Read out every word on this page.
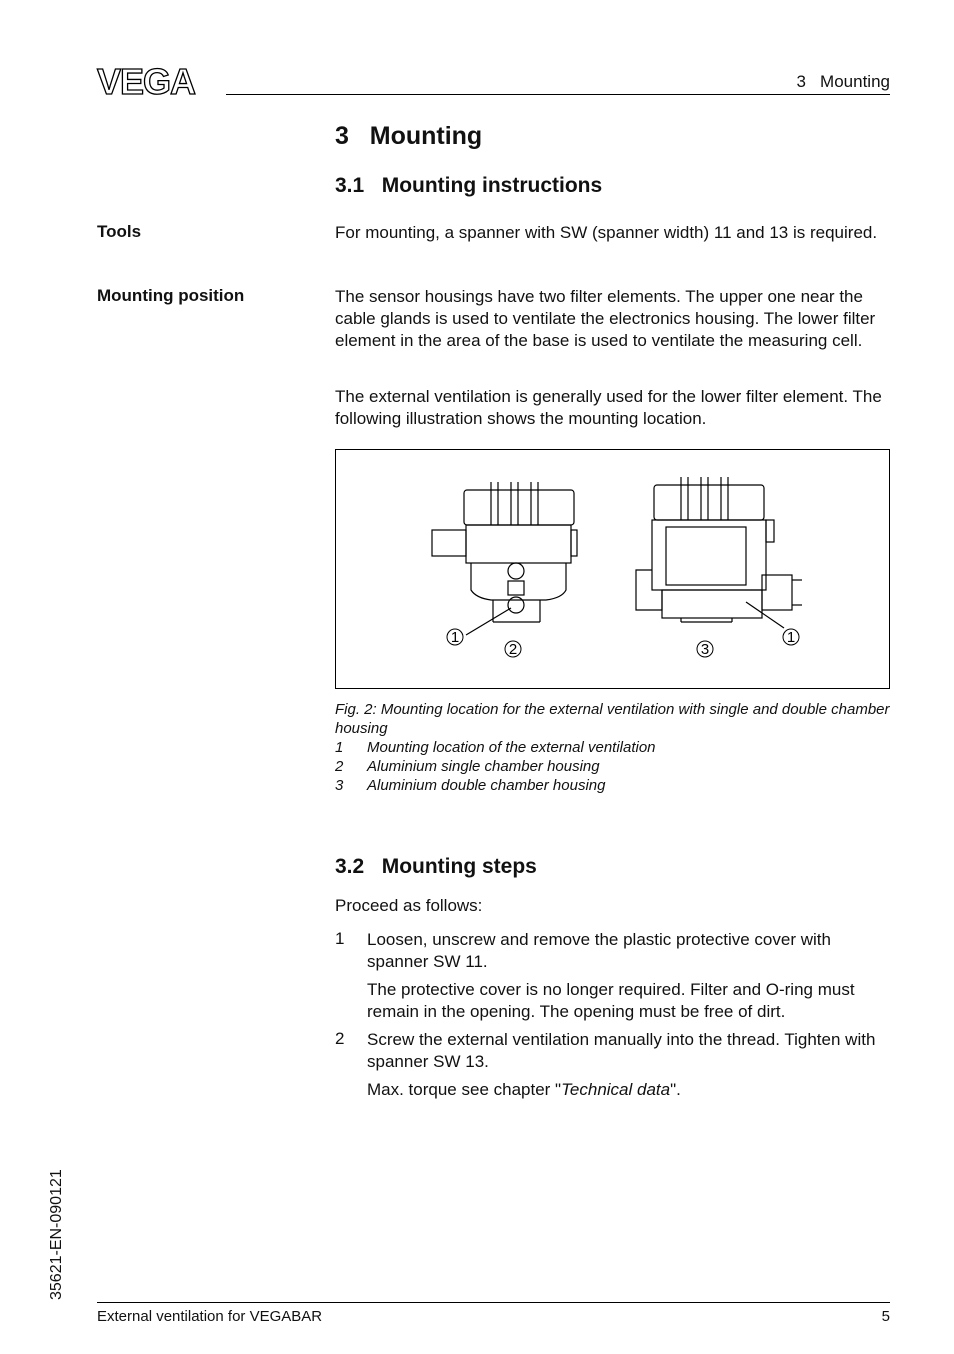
VEGA	3   Mounting
3   Mounting
3.1   Mounting instructions
Tools	For mounting, a spanner with SW (spanner width) 11 and 13 is required.
Mounting position	The sensor housings have two filter elements. The upper one near the cable glands is used to ventilate the electronics housing. The lower filter element in the area of the base is used to ventilate the measuring cell.
The external ventilation is generally used for the lower filter element. The following illustration shows the mounting location.
1
2	3
1
Fig. 2: Mounting location for the external ventilation with single and double chamber housing
1 Mounting location of the external ventilation
2 Aluminium single chamber housing
3 Aluminium double chamber housing
3.2   Mounting steps
Proceed as follows:
1 Loosen, unscrew and remove the plastic protective cover with spanner SW 11.
The protective cover is no longer required. Filter and O-ring must remain in the opening. The opening must be free of dirt.
2 Screw the external ventilation manually into the thread. Tighten with spanner SW 13.
Max. torque see chapter "Technical data".
35621-EN-090121
External ventilation for VEGABAR	5
